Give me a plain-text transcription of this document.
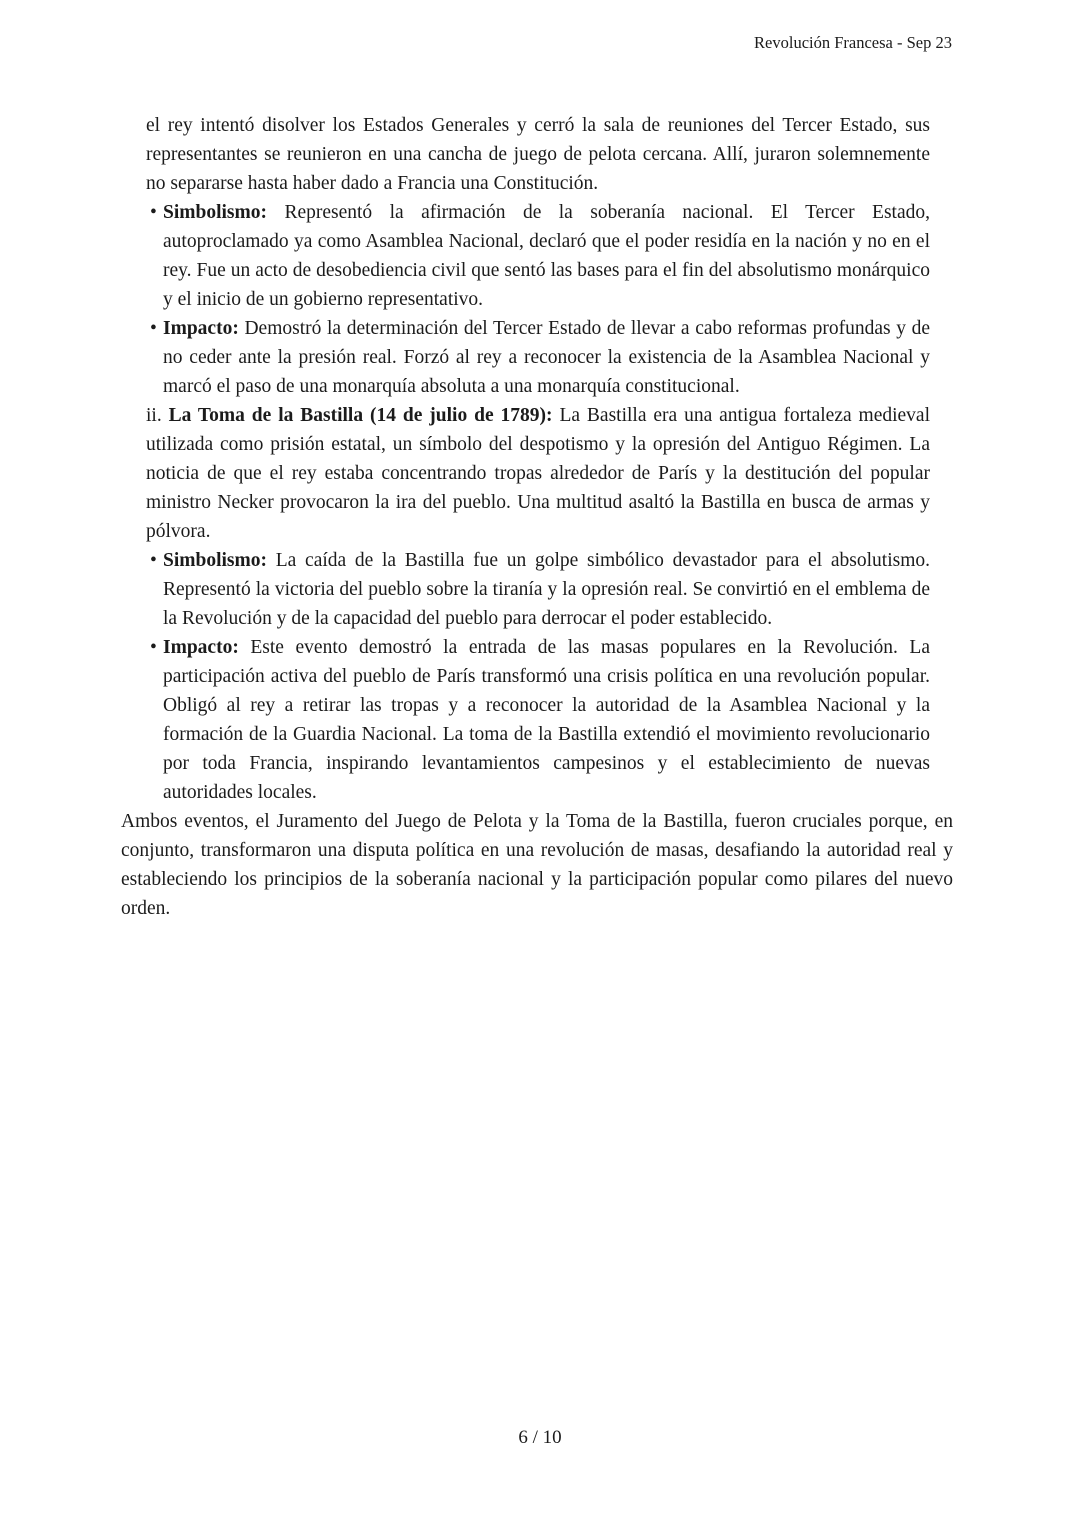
Revolución Francesa - Sep 23

el rey intentó disolver los Estados Generales y cerró la sala de reuniones del Tercer Estado, sus representantes se reunieron en una cancha de juego de pelota cercana. Allí, juraron solemnemente no separarse hasta haber dado a Francia una Constitución.

• Simbolismo: Representó la afirmación de la soberanía nacional. El Tercer Estado, autoproclamado ya como Asamblea Nacional, declaró que el poder residía en la nación y no en el rey. Fue un acto de desobediencia civil que sentó las bases para el fin del absolutismo monárquico y el inicio de un gobierno representativo.
• Impacto: Demostró la determinación del Tercer Estado de llevar a cabo reformas profundas y de no ceder ante la presión real. Forzó al rey a reconocer la existencia de la Asamblea Nacional y marcó el paso de una monarquía absoluta a una monarquía constitucional.

ii. La Toma de la Bastilla (14 de julio de 1789): La Bastilla era una antigua fortaleza medieval utilizada como prisión estatal, un símbolo del despotismo y la opresión del Antiguo Régimen. La noticia de que el rey estaba concentrando tropas alrededor de París y la destitución del popular ministro Necker provocaron la ira del pueblo. Una multitud asaltó la Bastilla en busca de armas y pólvora.

• Simbolismo: La caída de la Bastilla fue un golpe simbólico devastador para el absolutismo. Representó la victoria del pueblo sobre la tiranía y la opresión real. Se convirtió en el emblema de la Revolución y de la capacidad del pueblo para derrocar el poder establecido.
• Impacto: Este evento demostró la entrada de las masas populares en la Revolución. La participación activa del pueblo de París transformó una crisis política en una revolución popular. Obligó al rey a retirar las tropas y a reconocer la autoridad de la Asamblea Nacional y la formación de la Guardia Nacional. La toma de la Bastilla extendió el movimiento revolucionario por toda Francia, inspirando levantamientos campesinos y el establecimiento de nuevas autoridades locales.

Ambos eventos, el Juramento del Juego de Pelota y la Toma de la Bastilla, fueron cruciales porque, en conjunto, transformaron una disputa política en una revolución de masas, desafiando la autoridad real y estableciendo los principios de la soberanía nacional y la participación popular como pilares del nuevo orden.

6 / 10
